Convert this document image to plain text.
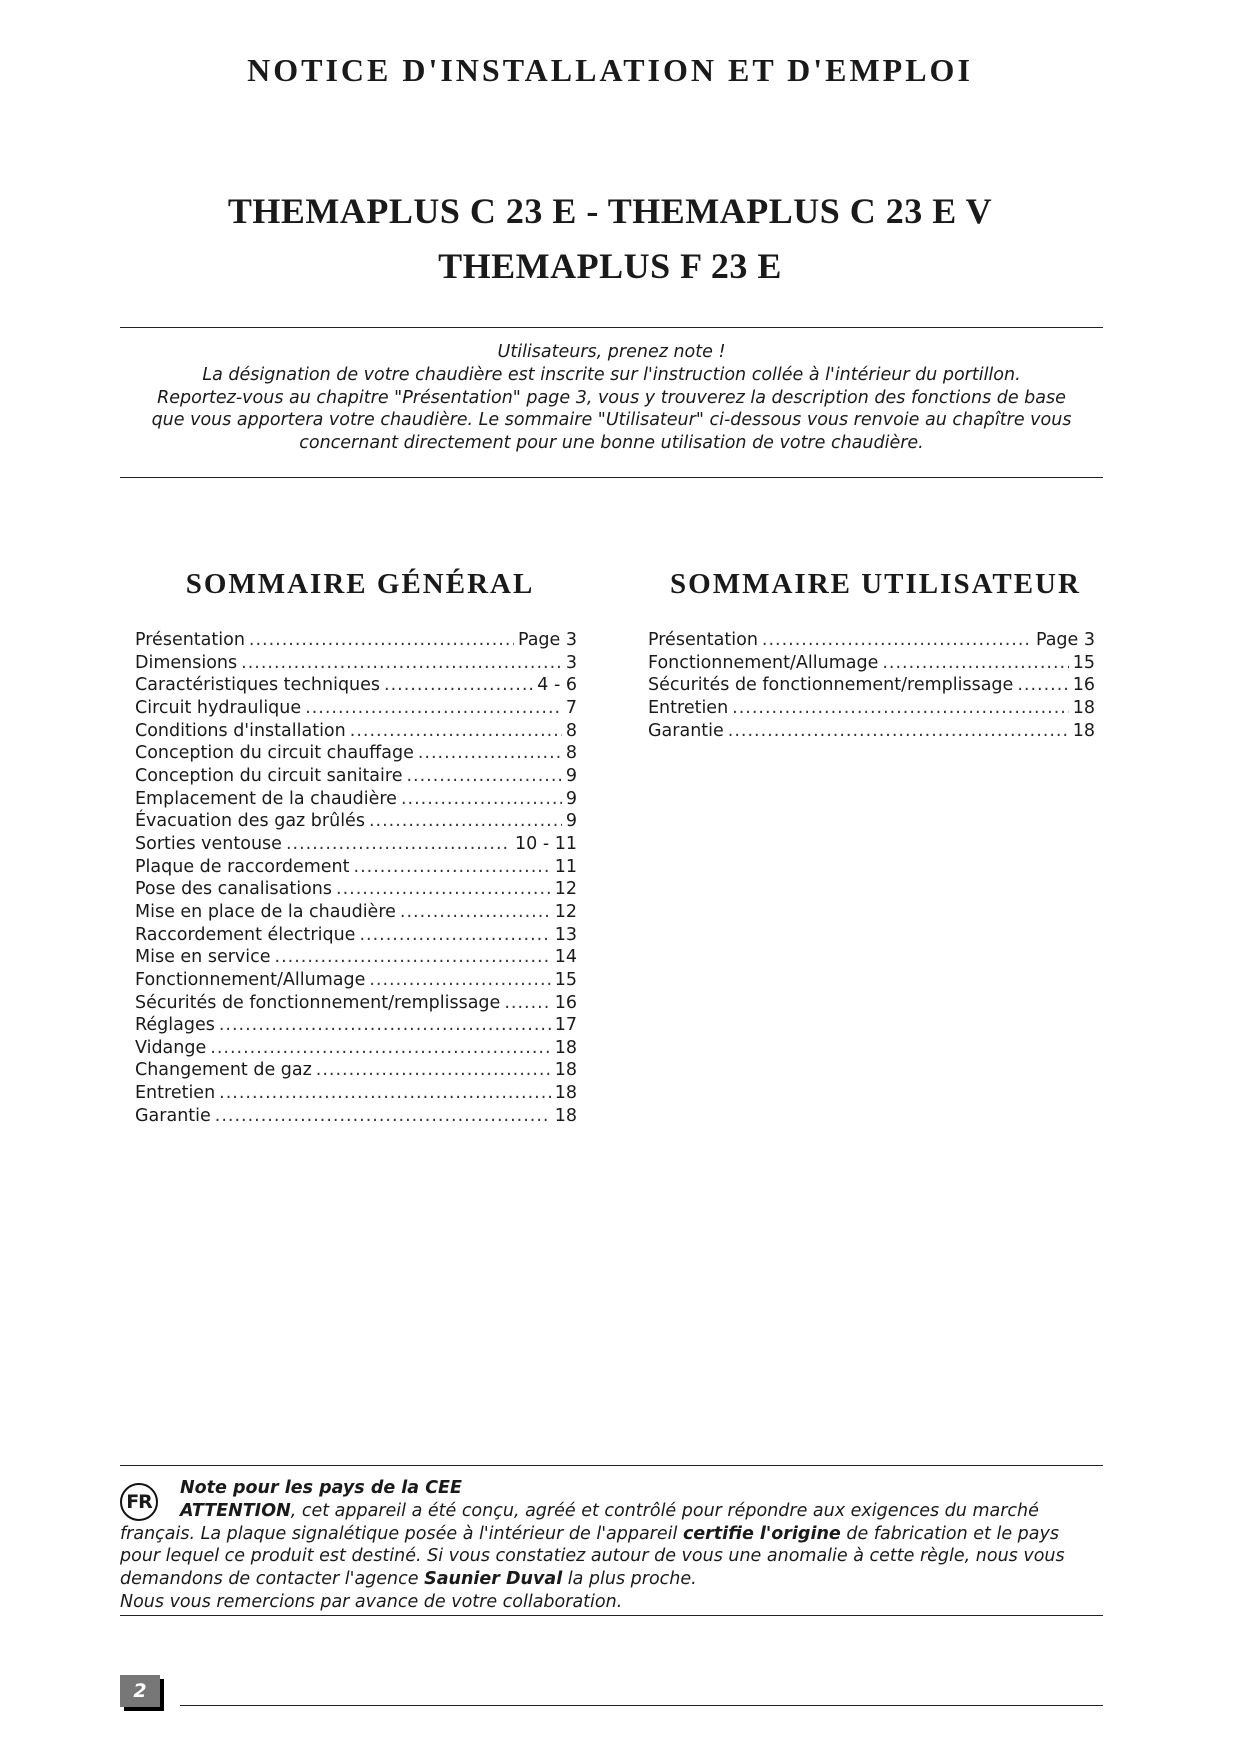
NOTICE D'INSTALLATION ET D'EMPLOI
THEMAPLUS C 23 E - THEMAPLUS C 23 E V
THEMAPLUS F 23 E
Utilisateurs, prenez note !
La désignation de votre chaudière est inscrite sur l'instruction collée à l'intérieur du portillon.
Reportez-vous au chapitre "Présentation" page 3, vous y trouverez la description des fonctions de base
que vous apportera votre chaudière. Le sommaire "Utilisateur" ci-dessous vous renvoie au chapître vous
concernant directement pour une bonne utilisation de votre chaudière.
SOMMAIRE GÉNÉRAL	SOMMAIRE UTILISATEUR
Présentation .....	Page 3
Dimensions .....	3
Caractéristiques techniques .....	4 - 6
Circuit hydraulique .....	7
Conditions d'installation .....	8
Conception du circuit chauffage .....	8
Conception du circuit sanitaire .....	9
Emplacement de la chaudière .....	9
Évacuation des gaz brûlés .....	9
Sorties ventouse .....	10 - 11
Plaque de raccordement .....	11
Pose des canalisations .....	12
Mise en place de la chaudière .....	12
Raccordement électrique .....	13
Mise en service .....	14
Fonctionnement/Allumage .....	15
Sécurités de fonctionnement/remplissage .....	16
Réglages .....	17
Vidange .....	18
Changement de gaz .....	18
Entretien .....	18
Garantie .....	18
Présentation .....	Page 3
Fonctionnement/Allumage .....	15
Sécurités de fonctionnement/remplissage .....	16
Entretien .....	18
Garantie .....	18
FR
Note pour les pays de la CEE
ATTENTION, cet appareil a été conçu, agréé et contrôlé pour répondre aux exigences du marché
français. La plaque signalétique posée à l'intérieur de l'appareil certifie l'origine de fabrication et le pays
pour lequel ce produit est destiné. Si vous constatiez autour de vous une anomalie à cette règle, nous vous
demandons de contacter l'agence Saunier Duval la plus proche.
Nous vous remercions par avance de votre collaboration.
2
